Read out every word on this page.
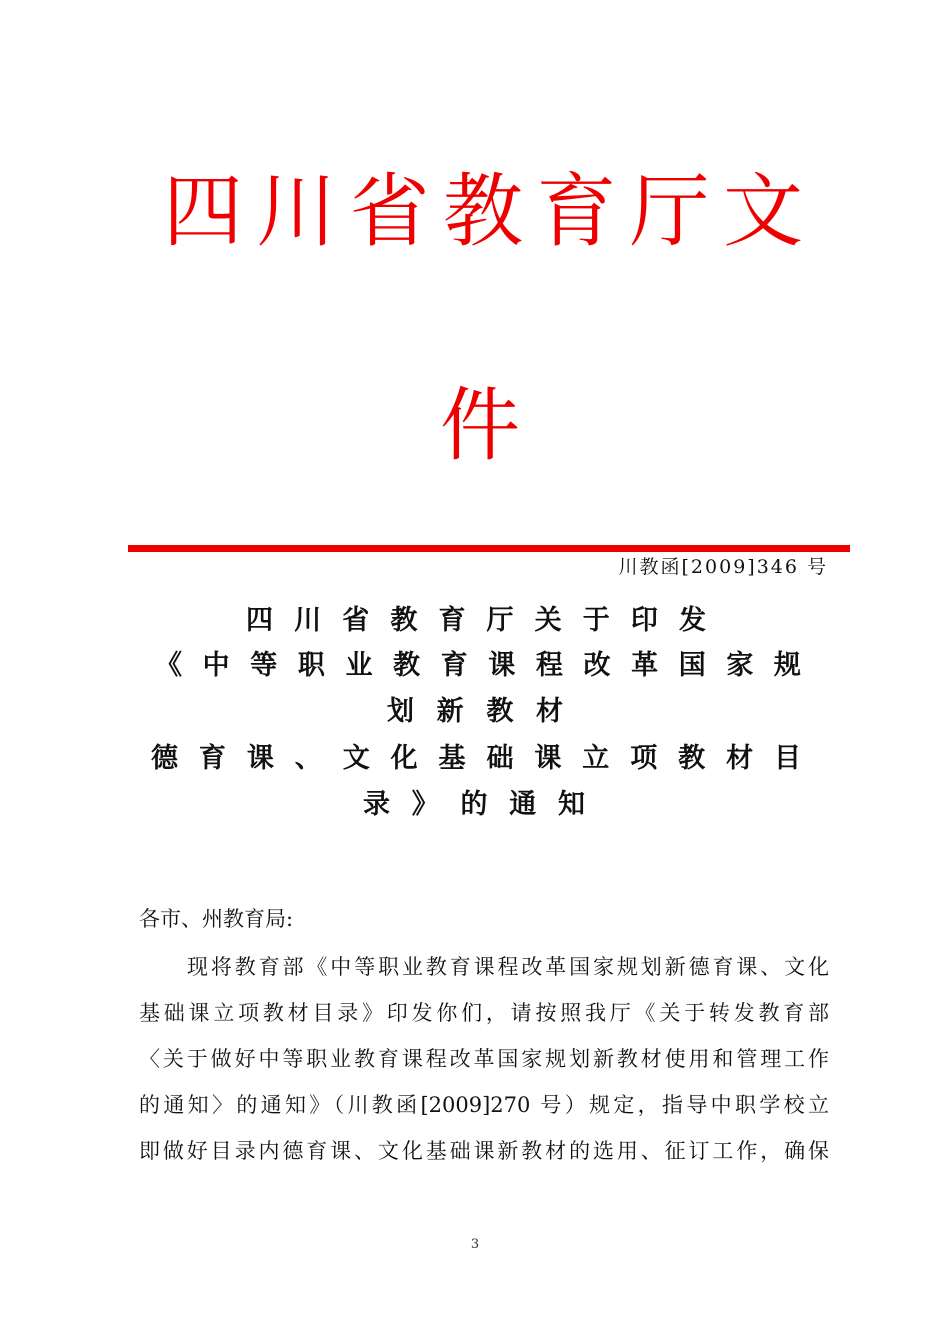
四 川 省 教 育 厅 文
件
川教函[2009]346 号
四 川 省 教 育 厅 关 于 印 发
《 中 等 职 业 教 育 课 程 改 革 国 家 规
划 新 教 材
德 育 课 、 文 化 基 础 课 立 项 教 材 目
录 》 的 通 知
各市、州教育局:
现将教育部《中等职业教育课程改革国家规划新德育课、文化
基础课立项教材目录》印发你们，请按照我厅《关于转发教育部
〈关于做好中等职业教育课程改革国家规划新教材使用和管理工作
的通知〉的通知》（川教函[2009]270 号）规定，指导中职学校立
即做好目录内德育课、文化基础课新教材的选用、征订工作，确保
3
